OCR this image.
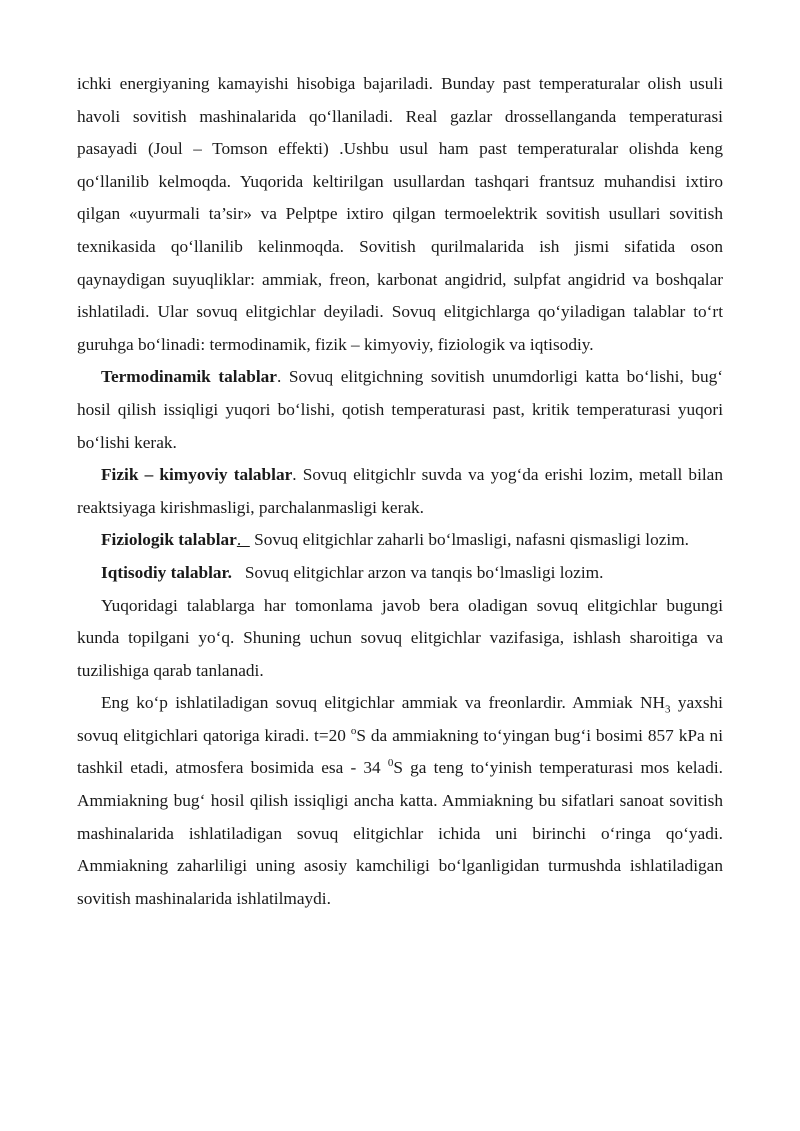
ichki energiyaning kamayishi hisobiga bajariladi. Bunday past temperaturalar olish usuli havoli sovitish mashinalarida qo‘llaniladi. Real gazlar drossellanganda temperaturasi pasayadi (Joul – Tomson effekti) .Ushbu usul ham past temperaturalar olishda keng qo‘llanilib kelmoqda. Yuqorida keltirilgan usullardan tashqari frantsuz muhandisi ixtiro qilgan «uyurmali ta’sir» va Pelptpe ixtiro qilgan termoelektrik sovitish usullari sovitish texnikasida qo‘llanilib kelinmoqda. Sovitish qurilmalarida ish jismi sifatida oson qaynaydigan suyuqliklar: ammiak, freon, karbonat angidrid, sulpfat angidrid va boshqalar ishlatiladi. Ular sovuq elitgichlar deyiladi. Sovuq elitgichlarga qo‘yiladigan talablar to‘rt guruhga bo‘linadi: termodinamik, fizik – kimyoviy, fiziologik va iqtisodiy.

Termodinamik talablar. Sovuq elitgichning sovitish unumdorligi katta bo‘lishi, bug‘ hosil qilish issiqligi yuqori bo‘lishi, qotish temperaturasi past, kritik temperaturasi yuqori bo‘lishi kerak.

Fizik – kimyoviy talablar. Sovuq elitgichlr suvda va yog‘da erishi lozim, metall bilan reaktsiyaga kirishmasligi, parchalanmasligi kerak.

Fiziologik talablar.   Sovuq elitgichlar zaharli bo‘lmasligi, nafasni qismasligi lozim.

Iqtisodiy talablar.   Sovuq elitgichlar arzon va tanqis bo‘lmasligi lozim.

Yuqoridagi talablarga har tomonlama javob bera oladigan sovuq elitgichlar bugungi kunda topilgani yo‘q. Shuning uchun sovuq elitgichlar vazifasiga, ishlash sharoitiga va tuzilishiga qarab tanlanadi.

Eng ko‘p ishlatiladigan sovuq elitgichlar ammiak va freonlardir. Ammiak $NH_3$ yaxshi sovuq elitgichlari qatoriga kiradi. t=20 $^o$S da ammiakning to‘yingan bug‘i bosimi 857 kPa ni tashkil etadi, atmosfera bosimida esa - 34 $^0$S ga teng to‘yinish temperaturasi mos keladi. Ammiakning bug‘ hosil qilish issiqligi ancha katta. Ammiakning bu sifatlari sanoat sovitish mashinalarida ishlatiladigan sovuq elitgichlar ichida uni birinchi o‘ringa qo‘yadi. Ammiakning zaharliligi uning asosiy kamchiligi bo‘lganligidan turmushda ishlatiladigan sovitish mashinalarida ishlatilmaydi.
